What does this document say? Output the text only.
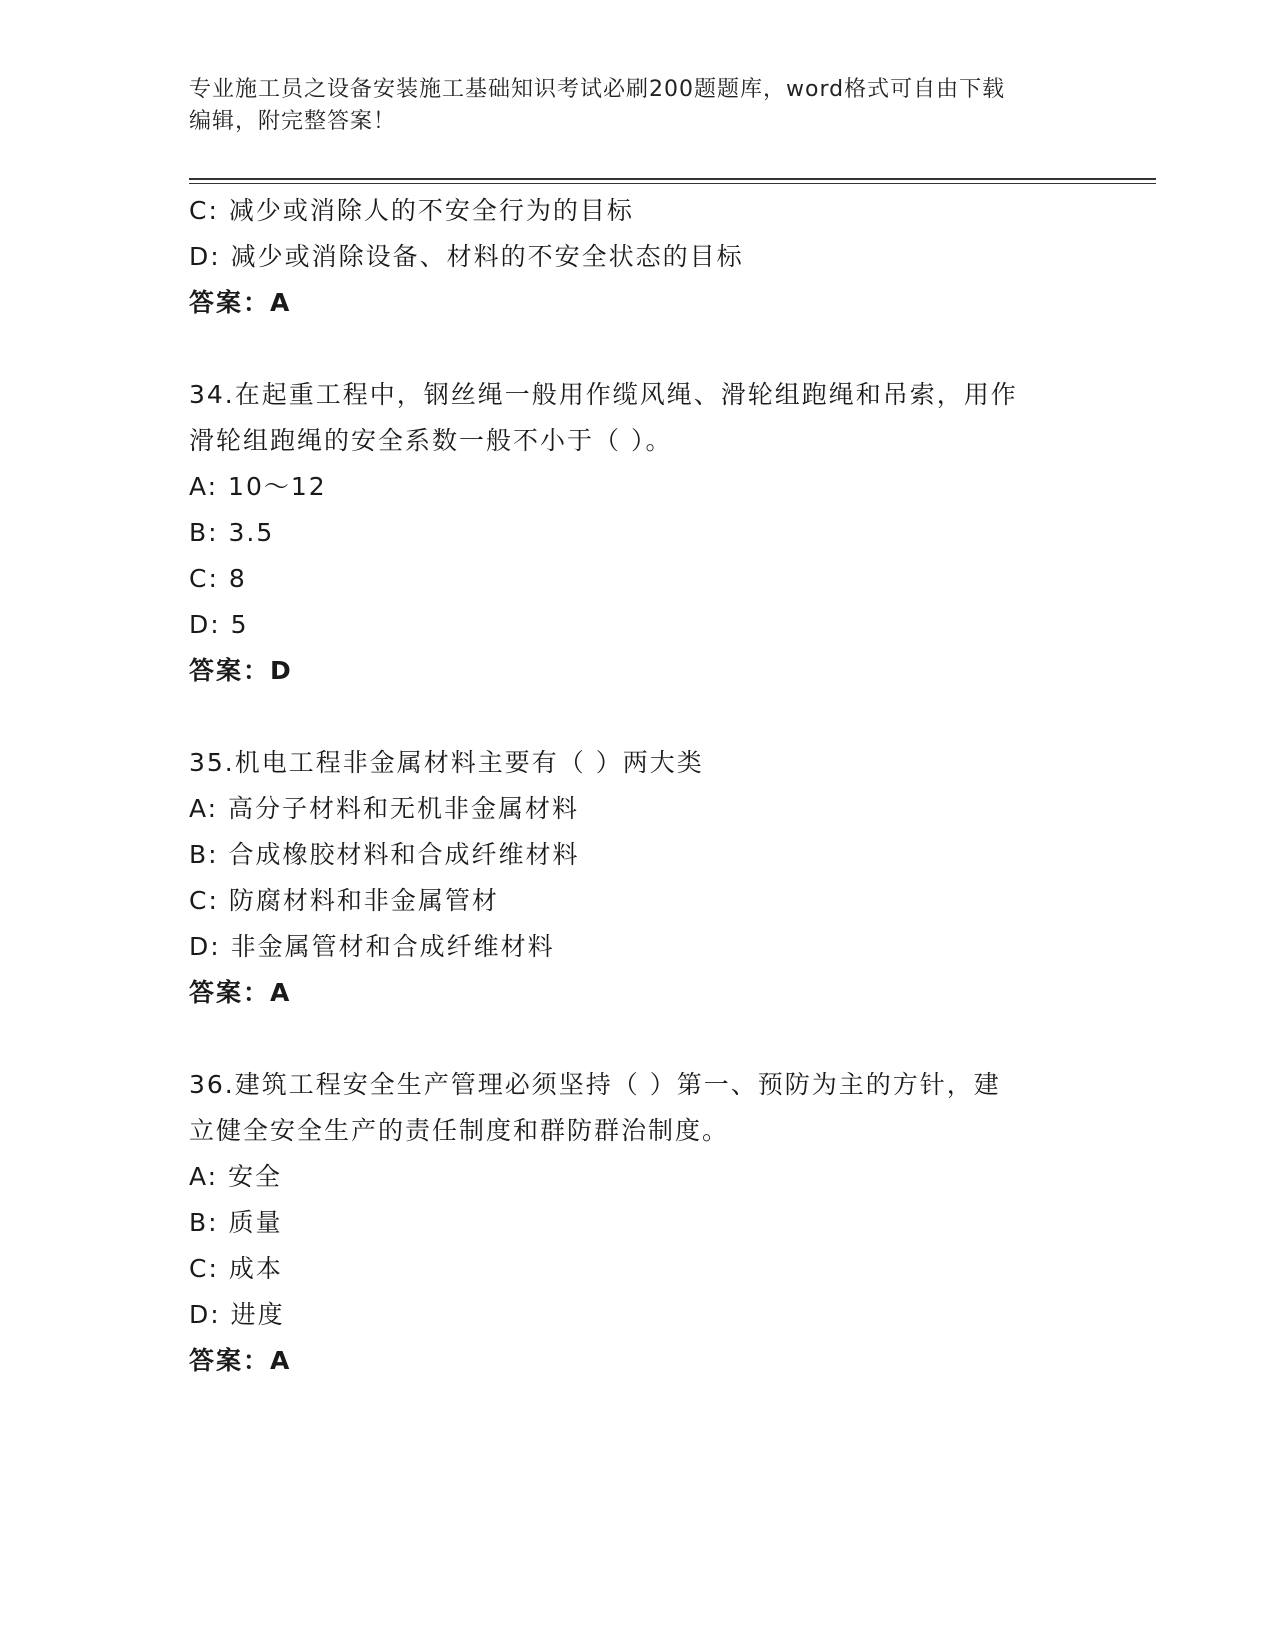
专业施工员之设备安装施工基础知识考试必刷200题题库，word格式可自由下载
编辑，附完整答案！
C: 减少或消除人的不安全行为的目标
D: 减少或消除设备、材料的不安全状态的目标
答案：A
34.在起重工程中，钢丝绳一般用作缆风绳、滑轮组跑绳和吊索，用作
滑轮组跑绳的安全系数一般不小于（ ）。
A: 10～12
B: 3.5
C: 8
D: 5
答案：D
35.机电工程非金属材料主要有（ ）两大类
A: 高分子材料和无机非金属材料
B: 合成橡胶材料和合成纤维材料
C: 防腐材料和非金属管材
D: 非金属管材和合成纤维材料
答案：A
36.建筑工程安全生产管理必须坚持（ ）第一、预防为主的方针，建
立健全安全生产的责任制度和群防群治制度。
A: 安全
B: 质量
C: 成本
D: 进度
答案：A
